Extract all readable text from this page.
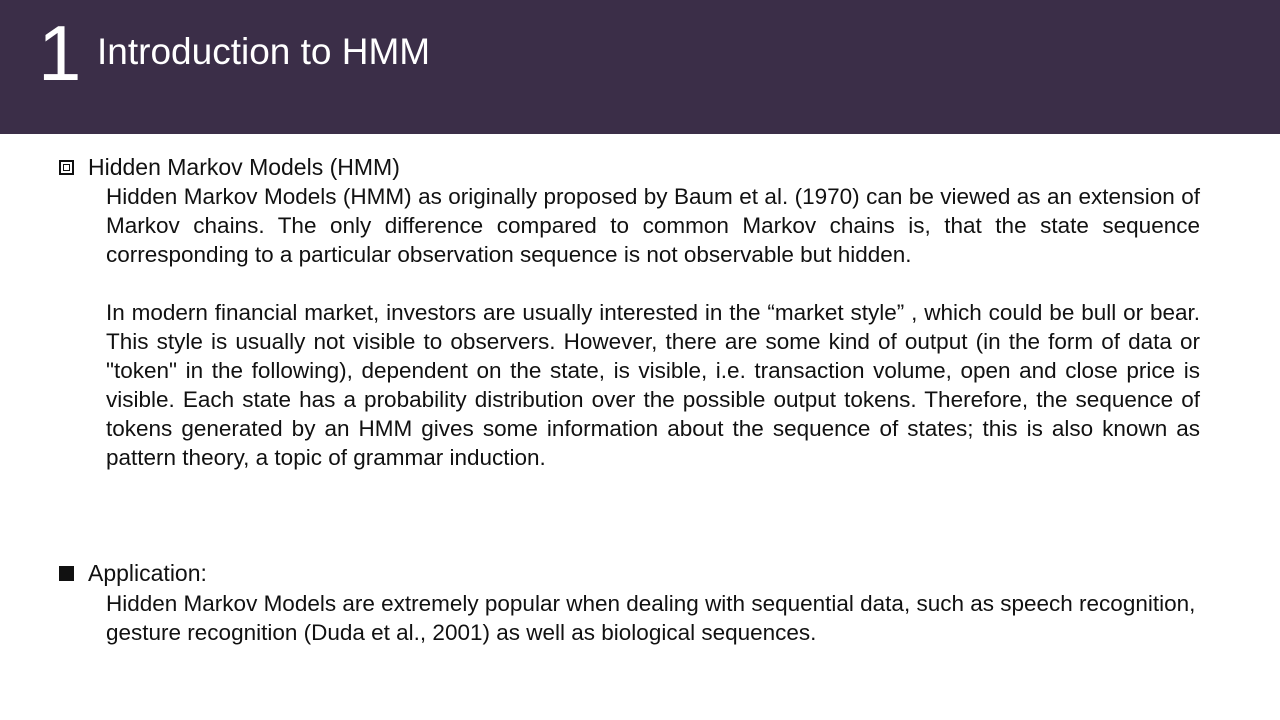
1 Introduction to HMM
Hidden Markov Models (HMM)

Hidden Markov Models (HMM) as originally proposed by Baum et al. (1970) can be viewed as an extension of Markov chains. The only difference compared to common Markov chains is, that the state sequence corresponding to a particular observation sequence is not observable but hidden.

In modern financial market, investors are usually interested in the “market style” , which could be bull or bear. This style is usually not visible to observers. However, there are some kind of output (in the form of data or "token" in the following), dependent on the state, is visible, i.e. transaction volume, open and close price is visible. Each state has a probability distribution over the possible output tokens. Therefore, the sequence of tokens generated by an HMM gives some information about the sequence of states; this is also known as pattern theory, a topic of grammar induction.

Application:

Hidden Markov Models are extremely popular when dealing with sequential data, such as speech recognition, gesture recognition (Duda et al., 2001) as well as biological sequences.
